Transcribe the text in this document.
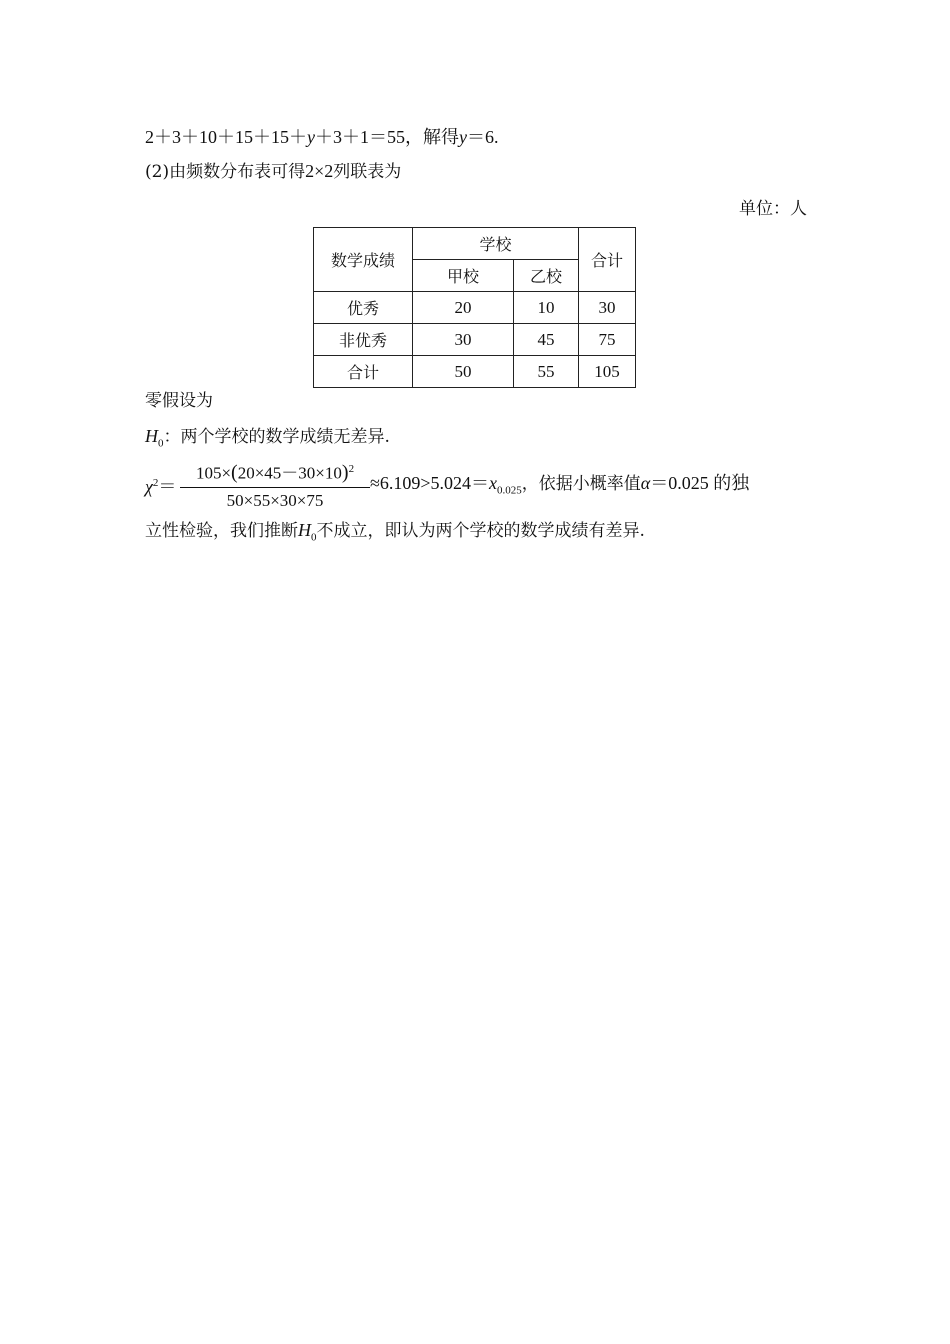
2＋3＋10＋15＋15＋y＋3＋1＝55，解得y＝6.
(2)由频数分布表可得2×2列联表为
单位：人
数学成绩	学校		合计
	甲校	乙校	
优秀	20	10	30
非优秀	30	45	75
合计	50	55	105
零假设为
$H_0$：两个学校的数学成绩无差异.
$\chi^2=$
$105\times(20\times 45-30\times 10)^2$
50×55×30×75
$\approx 6.109>5.024=x_{0.025}$，依据小概率值α＝0.025 的独
立性检验，我们推断$H_0$不成立，即认为两个学校的数学成绩有差异.
